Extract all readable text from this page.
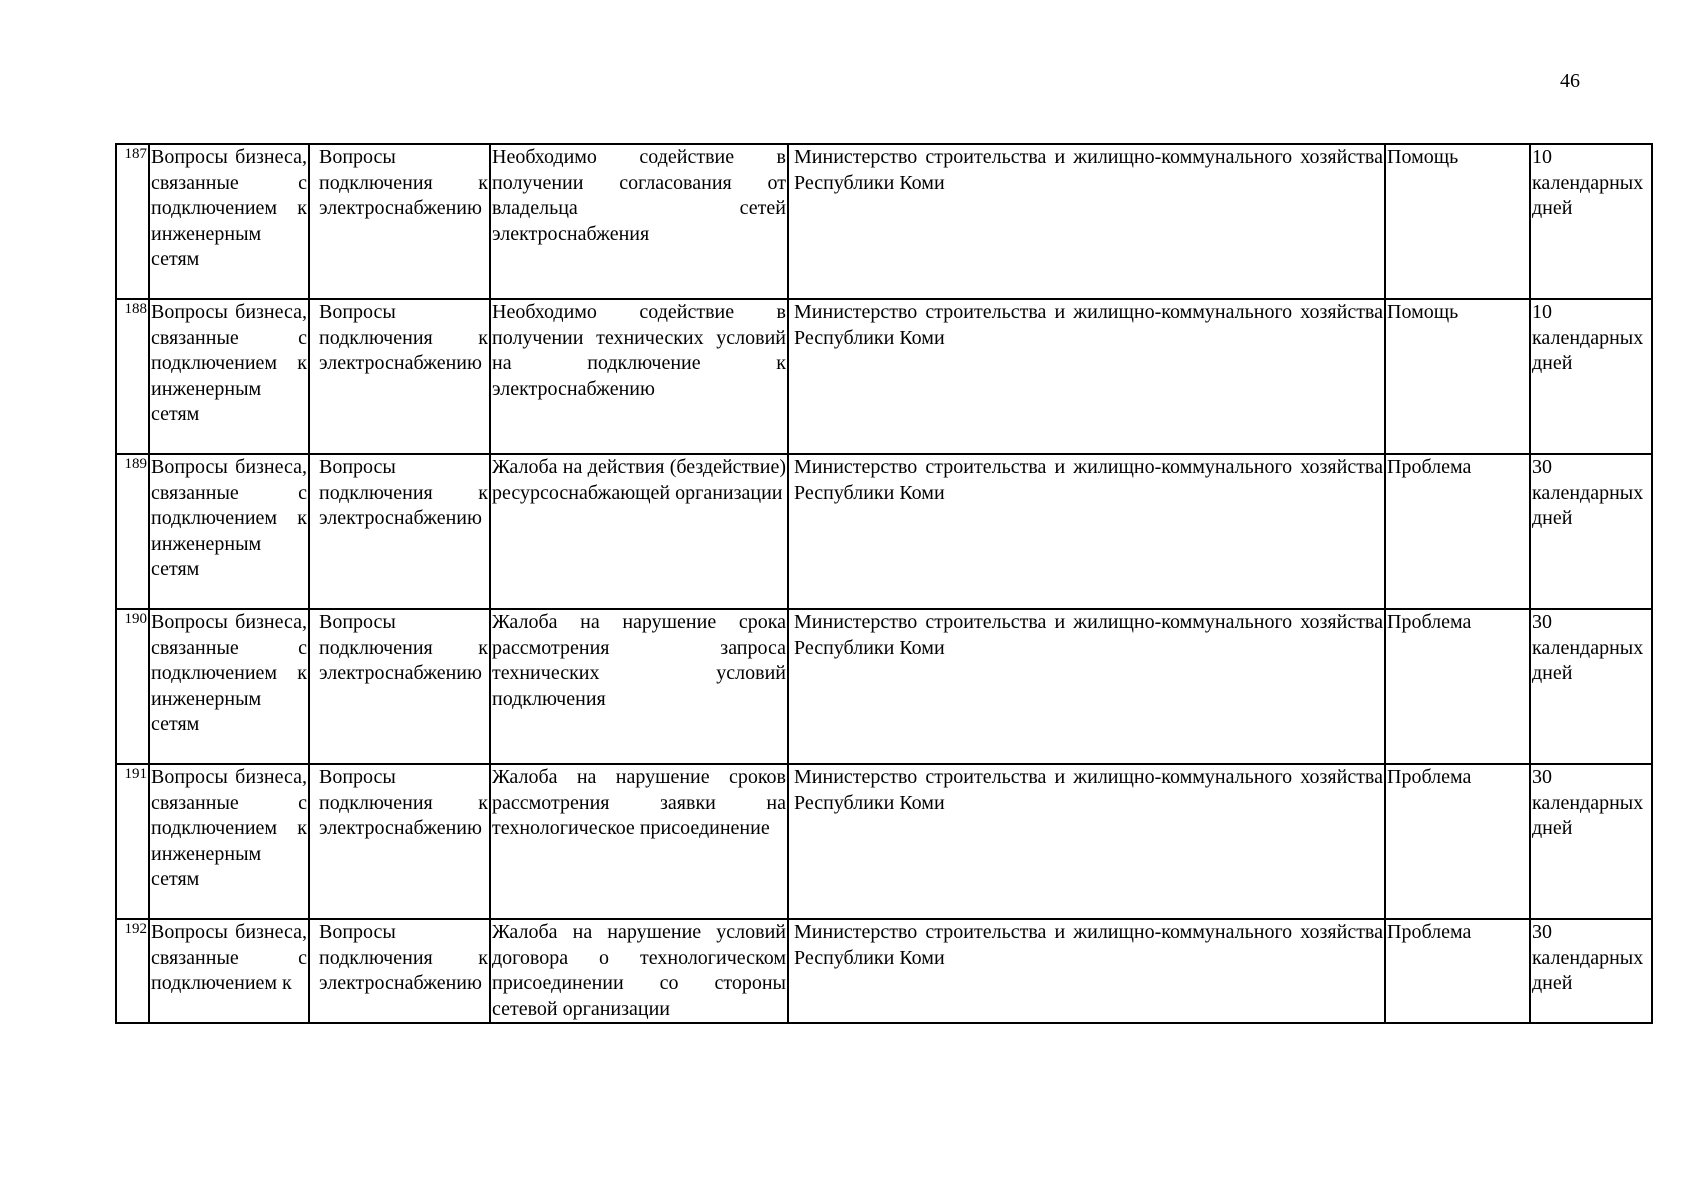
46
187	Вопросы бизнеса, связанные с подключением к инженерным сетям	Вопросы подключения к электроснабжению	Необходимо содействие в получении согласования от владельца сетей электроснабжения	Министерство строительства и жилищно-коммунального хозяйства Республики Коми	Помощь	10 календарных дней

188	Вопросы бизнеса, связанные с подключением к инженерным сетям	Вопросы подключения к электроснабжению	Необходимо содействие в получении технических условий на подключение к электроснабжению	Министерство строительства и жилищно-коммунального хозяйства Республики Коми	Помощь	10 календарных дней

189	Вопросы бизнеса, связанные с подключением к инженерным сетям	Вопросы подключения к электроснабжению	Жалоба на действия (бездействие) ресурсоснабжающей организации	Министерство строительства и жилищно-коммунального хозяйства Республики Коми	Проблема	30 календарных дней

190	Вопросы бизнеса, связанные с подключением к инженерным сетям	Вопросы подключения к электроснабжению	Жалоба на нарушение срока рассмотрения запроса технических условий подключения	Министерство строительства и жилищно-коммунального хозяйства Республики Коми	Проблема	30 календарных дней

191	Вопросы бизнеса, связанные с подключением к инженерным сетям	Вопросы подключения к электроснабжению	Жалоба на нарушение сроков рассмотрения заявки на технологическое присоединение	Министерство строительства и жилищно-коммунального хозяйства Республики Коми	Проблема	30 календарных дней

192	Вопросы бизнеса, связанные с подключением к	Вопросы подключения к электроснабжению	Жалоба на нарушение условий договора о технологическом присоединении со стороны сетевой организации	Министерство строительства и жилищно-коммунального хозяйства Республики Коми	Проблема	30 календарных дней
